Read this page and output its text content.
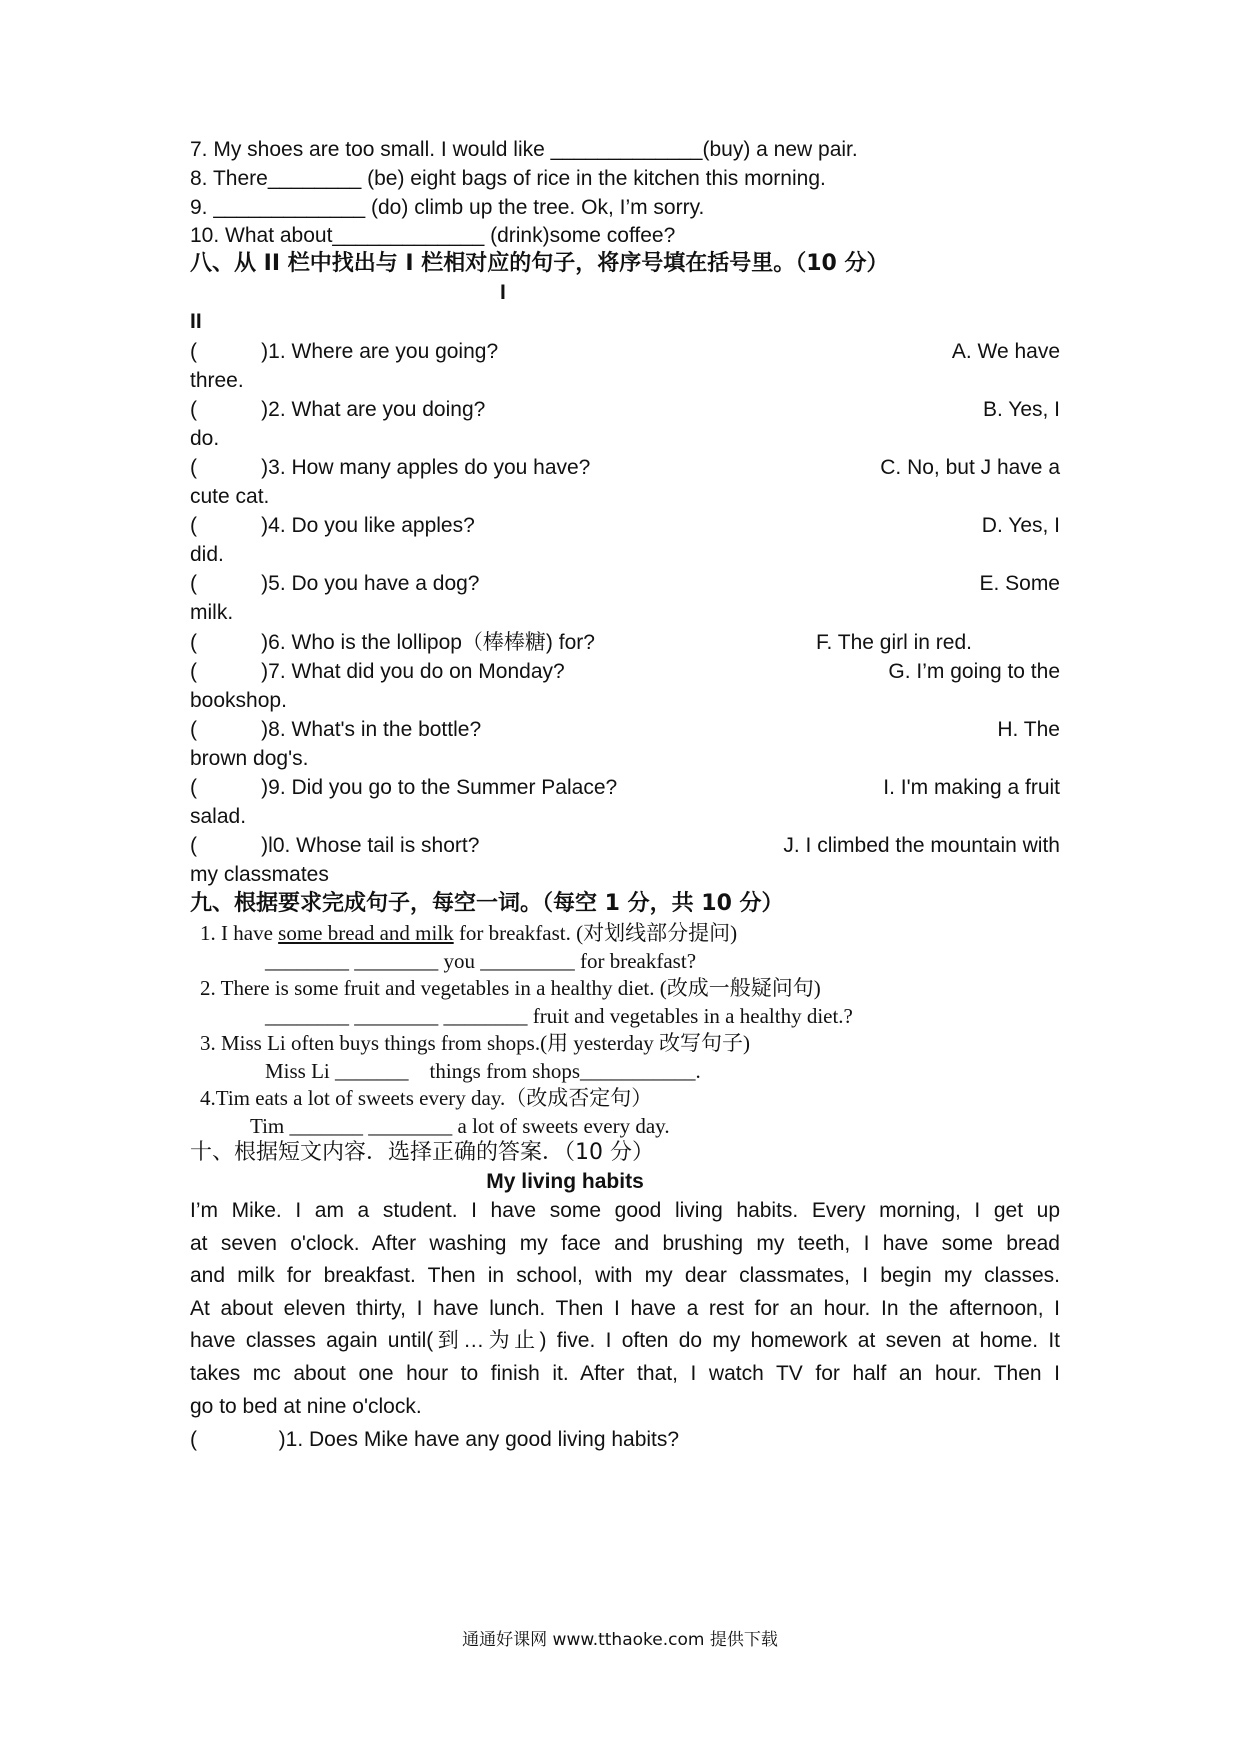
7. My shoes are too small. I would like _____________(buy) a new pair.
8. There________ (be) eight bags of rice in the kitchen this morning.
9. _____________ (do) climb up the tree. Ok, I’m sorry.
10. What about_____________ (drink)some coffee?
八、从 II 栏中找出与 I 栏相对应的句子，将序号填在括号里。（10 分）
I
II
(           )1. Where are you going?	A. We have
three.
(           )2. What are you doing?	B. Yes, I
do.
(           )3. How many apples do you have?	C. No, but J have a
cute cat.
(           )4. Do you like apples?	D. Yes, I
did.
(           )5. Do you have a dog?	E. Some
milk.
(           )6. Who is the lollipop（棒棒糖) for?	F. The girl in red.
(           )7. What did you do on Monday?	G. I’m going to the
bookshop.
(           )8. What's in the bottle?	H. The
brown dog's.
(           )9. Did you go to the Summer Palace?	I. I'm making a fruit
salad.
(           )l0. Whose tail is short?	J. I climbed the mountain with
my classmates
九、根据要求完成句子，每空一词。（每空 1 分，共 10 分）
1. I have some bread and milk for breakfast. (对划线部分提问)
________ ________ you _________ for breakfast?
2. There is some fruit and vegetables in a healthy diet. (改成一般疑问句)
________ ________ ________ fruit and vegetables in a healthy diet.?
3. Miss Li often buys things from shops.(用 yesterday 改写句子)
Miss Li _______    things from shops___________.
4.Tim eats a lot of sweets every day.（改成否定句）
Tim _______ ________ a lot of sweets every day.
十、根据短文内容．选择正确的答案．（10 分）
My living habits
I’m Mike. I am a student. I have some good living habits. Every morning, I get up
at seven o'clock. After washing my face and brushing my teeth, I have some bread
and milk for breakfast. Then in school, with my dear classmates, I begin my classes.
At about eleven thirty, I have lunch. Then I have a rest for an hour. In the afternoon, I
have classes again until(到…为止) five. I often do my homework at seven at home. It
takes mc about one hour to finish it. After that, I watch TV for half an hour. Then I
go to bed at nine o'clock.
(              )1. Does Mike have any good living habits?
通通好课网 www.tthaoke.com 提供下载
